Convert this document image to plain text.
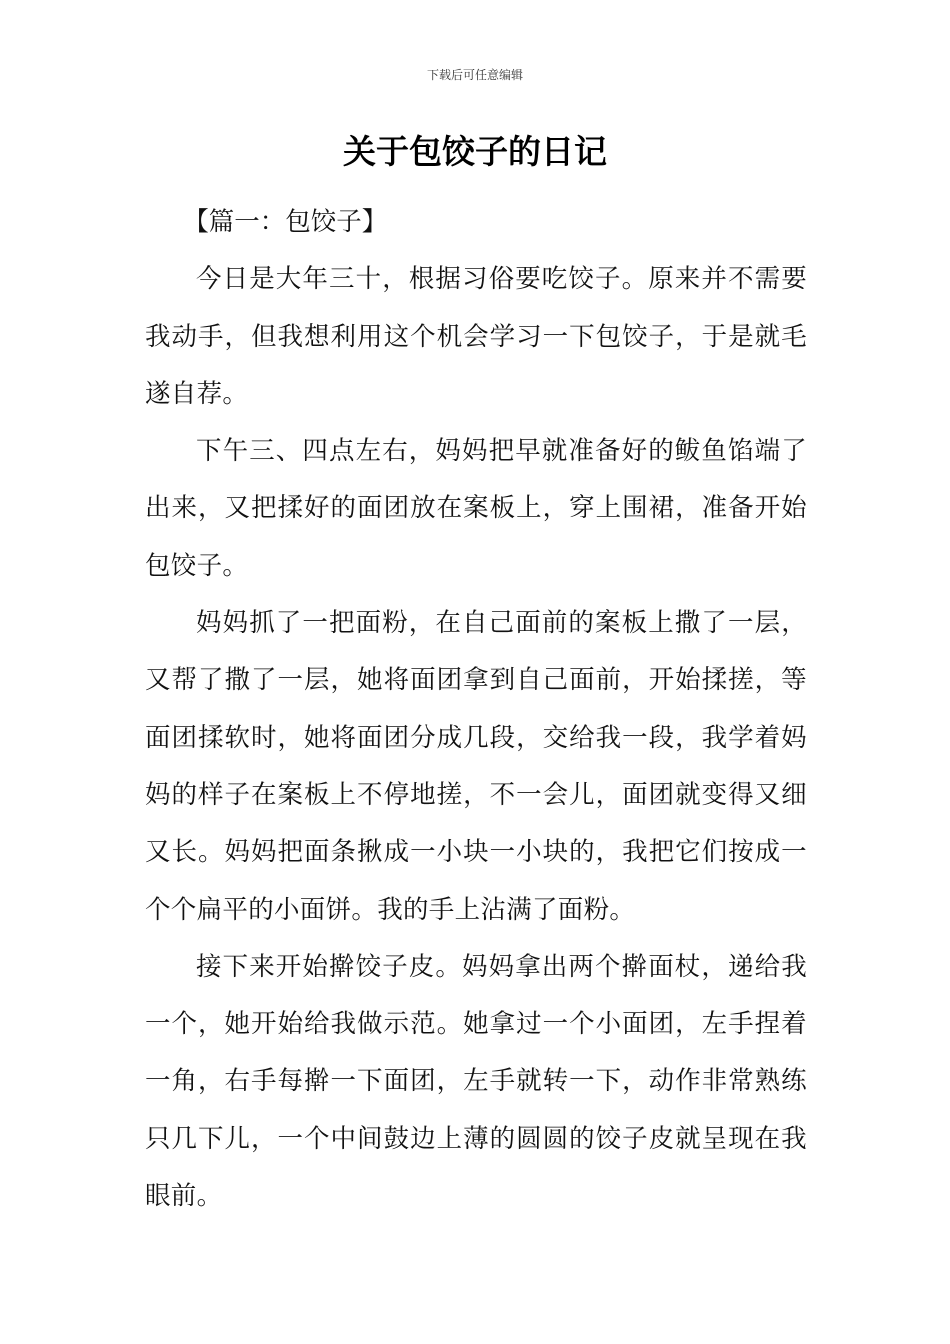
下载后可任意编辑
关于包饺子的日记

【篇一：包饺子】

今日是大年三十，根据习俗要吃饺子。原来并不需要我动手，但我想利用这个机会学习一下包饺子，于是就毛遂自荐。

下午三、四点左右，妈妈把早就准备好的鲅鱼馅端了出来，又把揉好的面团放在案板上，穿上围裙，准备开始包饺子。

妈妈抓了一把面粉，在自己面前的案板上撒了一层，又帮了撒了一层，她将面团拿到自己面前，开始揉搓，等面团揉软时，她将面团分成几段，交给我一段，我学着妈妈的样子在案板上不停地搓，不一会儿，面团就变得又细又长。妈妈把面条揪成一小块一小块的，我把它们按成一个个扁平的小面饼。我的手上沾满了面粉。

接下来开始擀饺子皮。妈妈拿出两个擀面杖，递给我一个，她开始给我做示范。她拿过一个小面团，左手捏着一角，右手每擀一下面团，左手就转一下，动作非常熟练只几下儿，一个中间鼓边上薄的圆圆的饺子皮就呈现在我眼前。
